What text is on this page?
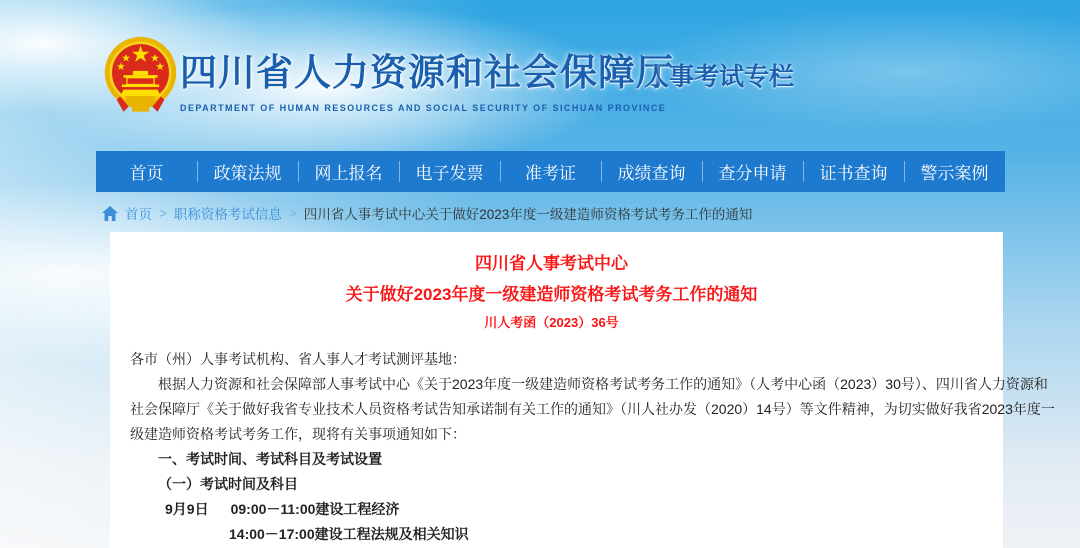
四川省人力资源和社会保障厅
DEPARTMENT OF HUMAN RESOURCES AND SOCIAL SECURITY OF SICHUAN PROVINCE
人事考试专栏
首页	政策法规	网上报名	电子发票	准考证	成绩查询	查分申请	证书查询	警示案例
首页 > 职称资格考试信息 > 四川省人事考试中心关于做好2023年度一级建造师资格考试考务工作的通知
四川省人事考试中心
关于做好2023年度一级建造师资格考试考务工作的通知
川人考函（2023）36号

各市（州）人事考试机构、省人事人才考试测评基地：

根据人力资源和社会保障部人事考试中心《关于2023年度一级建造师资格考试考务工作的通知》（人考中心函（2023）30号）、四川省人力资源和

社会保障厅《关于做好我省专业技术人员资格考试告知承诺制有关工作的通知》（川人社办发（2020）14号）等文件精神，为切实做好我省2023年度一

级建造师资格考试考务工作，现将有关事项通知如下：

一、考试时间、考试科目及考试设置

（一）考试时间及科目

9月9日 09:00－11:00建设工程经济
14:00－17:00建设工程法规及相关知识
